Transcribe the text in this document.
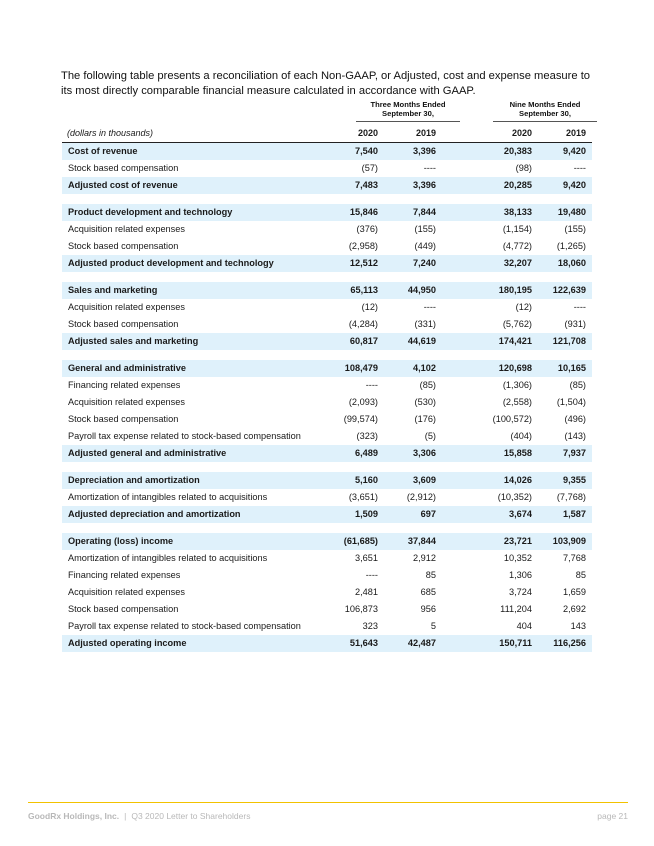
The following table presents a reconciliation of each Non-GAAP, or Adjusted, cost and expense measure to its most directly comparable financial measure calculated in accordance with GAAP.
Three Months Ended
September 30,
Nine Months Ended
September 30,
(dollars in thousands)	2020	2019	2020	2019
Cost of revenue	7,540	3,396		20,383	9,420
Stock based compensation	(57)	----		(98)	----
Adjusted cost of revenue	7,483	3,396		20,285	9,420

Product development and technology	15,846	7,844		38,133	19,480
Acquisition related expenses	(376)	(155)		(1,154)	(155)
Stock based compensation	(2,958)	(449)		(4,772)	(1,265)
Adjusted product development and technology	12,512	7,240		32,207	18,060

Sales and marketing	65,113	44,950		180,195	122,639
Acquisition related expenses	(12)	----		(12)	----
Stock based compensation	(4,284)	(331)		(5,762)	(931)
Adjusted sales and marketing	60,817	44,619		174,421	121,708

General and administrative	108,479	4,102		120,698	10,165
Financing related expenses	----	(85)		(1,306)	(85)
Acquisition related expenses	(2,093)	(530)		(2,558)	(1,504)
Stock based compensation	(99,574)	(176)		(100,572)	(496)
Payroll tax expense related to stock-based compensation	(323)	(5)		(404)	(143)
Adjusted general and administrative	6,489	3,306		15,858	7,937

Depreciation and amortization	5,160	3,609		14,026	9,355
Amortization of intangibles related to acquisitions	(3,651)	(2,912)		(10,352)	(7,768)
Adjusted depreciation and amortization	1,509	697		3,674	1,587

Operating (loss) income	(61,685)	37,844		23,721	103,909
Amortization of intangibles related to acquisitions	3,651	2,912		10,352	7,768
Financing related expenses	----	85		1,306	85
Acquisition related expenses	2,481	685		3,724	1,659
Stock based compensation	106,873	956		111,204	2,692
Payroll tax expense related to stock-based compensation	323	5		404	143
Adjusted operating income	51,643	42,487		150,711	116,256
GoodRx Holdings, Inc. | Q3 2020 Letter to Shareholders	page 21
